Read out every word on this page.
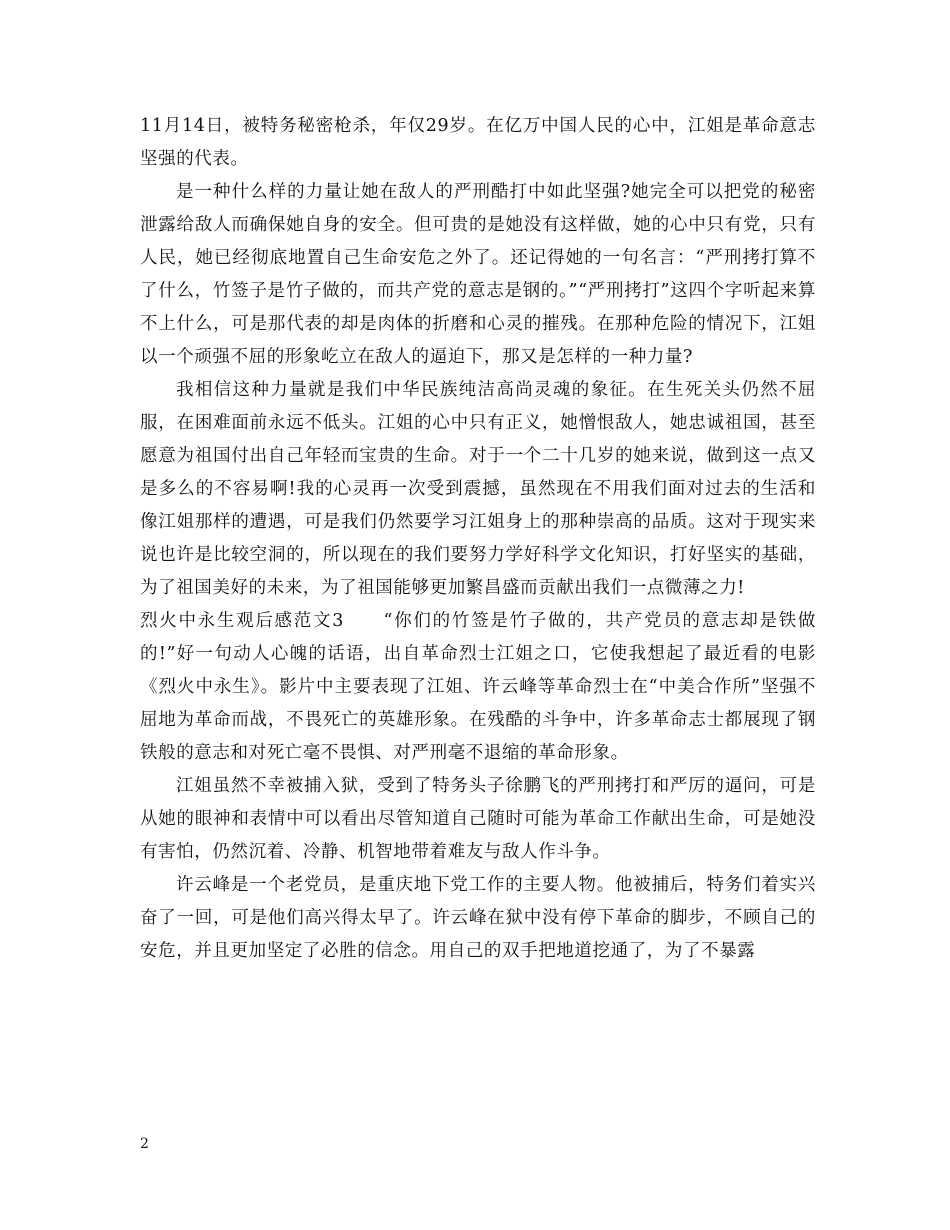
11月14日，被特务秘密枪杀，年仅29岁。在亿万中国人民的心中，江姐是革命意志坚强的代表。

是一种什么样的力量让她在敌人的严刑酷打中如此坚强?她完全可以把党的秘密泄露给敌人而确保她自身的安全。但可贵的是她没有这样做，她的心中只有党，只有人民，她已经彻底地置自己生命安危之外了。还记得她的一句名言：“严刑拷打算不了什么，竹签子是竹子做的，而共产党的意志是钢的。”“严刑拷打”这四个字听起来算不上什么，可是那代表的却是肉体的折磨和心灵的摧残。在那种危险的情况下，江姐以一个顽强不屈的形象屹立在敌人的逼迫下，那又是怎样的一种力量?

我相信这种力量就是我们中华民族纯洁高尚灵魂的象征。在生死关头仍然不屈服，在困难面前永远不低头。江姐的心中只有正义，她憎恨敌人，她忠诚祖国，甚至愿意为祖国付出自己年轻而宝贵的生命。对于一个二十几岁的她来说，做到这一点又是多么的不容易啊!我的心灵再一次受到震撼，虽然现在不用我们面对过去的生活和像江姐那样的遭遇，可是我们仍然要学习江姐身上的那种崇高的品质。这对于现实来说也许是比较空洞的，所以现在的我们要努力学好科学文化知识，打好坚实的基础，为了祖国美好的未来，为了祖国能够更加繁昌盛而贡献出我们一点微薄之力!

烈火中永生观后感范文3　　“你们的竹签是竹子做的，共产党员的意志却是铁做的!”好一句动人心魄的话语，出自革命烈士江姐之口，它使我想起了最近看的电影《烈火中永生》。影片中主要表现了江姐、许云峰等革命烈士在“中美合作所”坚强不屈地为革命而战，不畏死亡的英雄形象。在残酷的斗争中，许多革命志士都展现了钢铁般的意志和对死亡毫不畏惧、对严刑毫不退缩的革命形象。

江姐虽然不幸被捕入狱，受到了特务头子徐鹏飞的严刑拷打和严厉的逼问，可是从她的眼神和表情中可以看出尽管知道自己随时可能为革命工作献出生命，可是她没有害怕，仍然沉着、冷静、机智地带着难友与敌人作斗争。

许云峰是一个老党员，是重庆地下党工作的主要人物。他被捕后，特务们着实兴奋了一回，可是他们高兴得太早了。许云峰在狱中没有停下革命的脚步，不顾自己的安危，并且更加坚定了必胜的信念。用自己的双手把地道挖通了，为了不暴露

2
